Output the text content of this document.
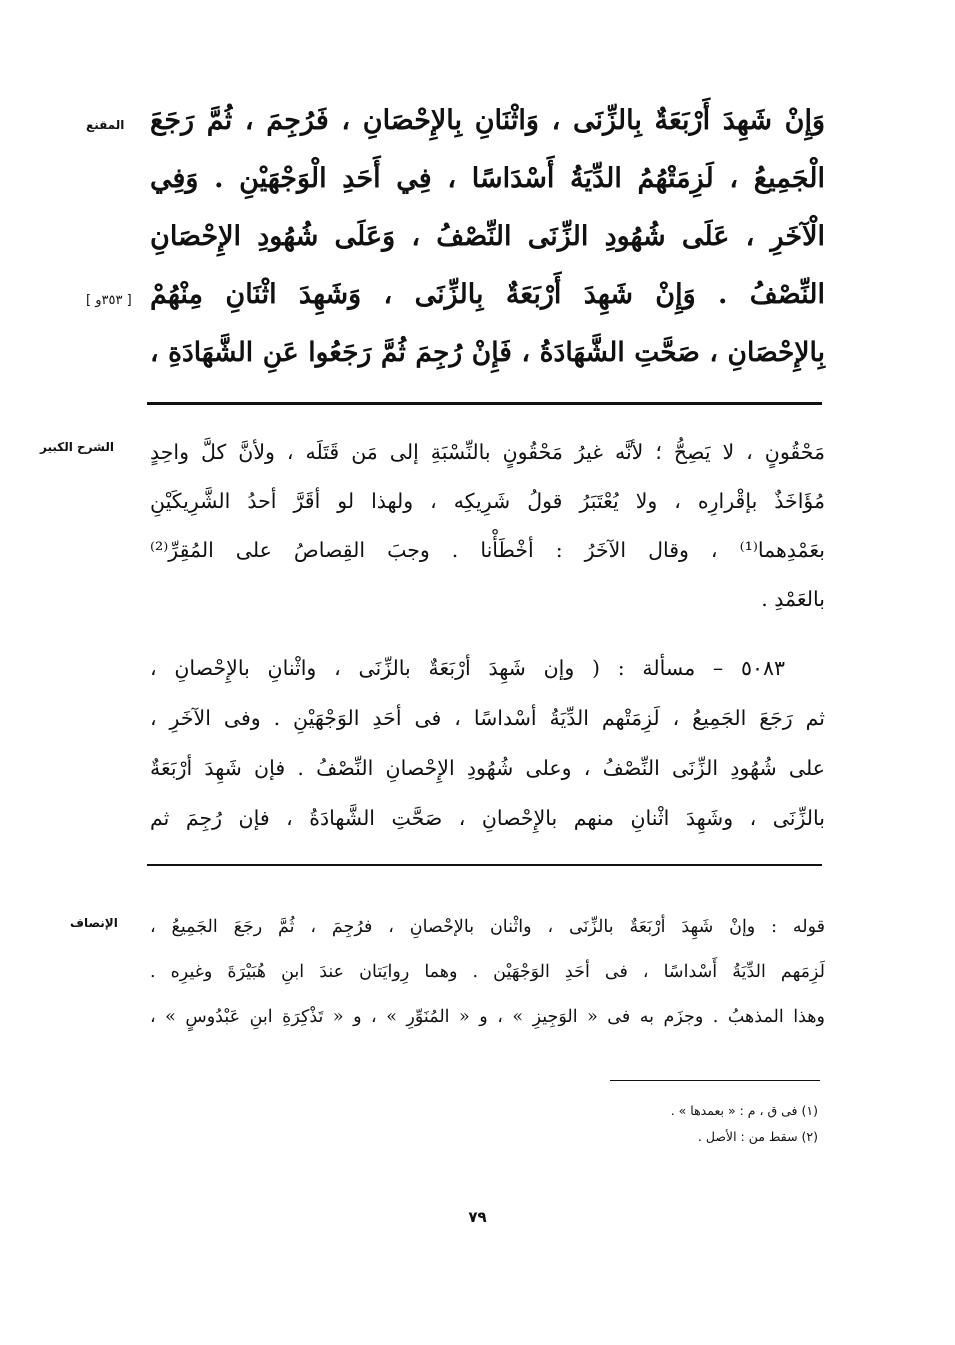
المقنع وَإِنْ شَهِدَ أَرْبَعَةٌ بِالزِّنَى ، وَاثْنَانِ بِالإِحْصَانِ ، فَرُجِمَ ، ثُمَّ رَجَعَ
الْجَمِيعُ ، لَزِمَتْهُمُ الدِّيَةُ أَسْدَاسًا ، فِي أَحَدِ الْوَجْهَيْنِ . وَفِي
الْآخَرِ ، عَلَى شُهُودِ الزِّنَى النِّصْفُ ، وَعَلَى شُهُودِ الإِحْصَانِ
النِّصْفُ . وَإِنْ شَهِدَ أَرْبَعَةٌ بِالزِّنَى ، وَشَهِدَ اثْنَانِ مِنْهُمْ
بِالإِحْصَانِ ، صَحَّتِ الشَّهَادَةُ ، فَإِنْ رُجِمَ ثُمَّ رَجَعُوا عَنِ الشَّهَادَةِ ،
[ ٣٥٣و ]
الشرح الكبير مَحْقُونٍ ، لا يَصِحُّ ؛ لأنَّه غيرُ مَحْقُونٍ بالنِّسْبَةِ إلى مَن قَتَلَه ، ولأنَّ كلَّ واحِدٍ
مُؤَاخَذٌ بإقْرارِه ، ولا يُعْتَبَرُ قولُ شَرِيكِه ، ولهذا لو أقَرَّ أحدُ الشَّرِيكَيْنِ
بعَمْدِهما⁽¹⁾ ، وقال الآخَرُ : أخْطَأْنا . وجبَ القِصاصُ على المُقِرِّ⁽²⁾
بالعَمْدِ .
٥٠٨٣ – مسألة : ( وإن شَهِدَ أرْبَعَةٌ بالزِّنَى ، واثْنانِ بالإِحْصانِ ،
ثم رَجَعَ الجَمِيعُ ، لَزِمَتْهم الدِّيَةُ أسْداسًا ، فى أحَدِ الوَجْهَيْنِ . وفى الآخَرِ ،
على شُهُودِ الزِّنَى النِّصْفُ ، وعلى شُهُودِ الإِحْصانِ النِّصْفُ . فإن شَهِدَ أرْبَعَةٌ
بالزِّنَى ، وشَهِدَ اثْنانِ منهم بالإِحْصانِ ، صَحَّتِ الشَّهادَةُ ، فإن رُجِمَ ثم
الإنصاف قوله : وإنْ شَهِدَ أرْبَعَةٌ بالزِّنَى ، واثْنان بالإحْصانِ ، فرُجِمَ ، ثُمَّ رجَعَ الجَمِيعُ ،
لَزِمَهم الدِّيَةُ أَسْداسًا ، فى أحَدِ الوَجْهَيْن . وهما رِوايَتان عندَ ابنِ هُبَيْرَةَ وغيرِه .
وهذا المذهبُ . وجزَم به فى « الوَجِيزِ » ، و « المُنَوِّرِ » ، و « تَذْكِرَةِ ابنِ عَبْدُوسٍ » ،
(١) فى ق ، م : « بعمدها » .
(٢) سقط من : الأصل .
٧٩
